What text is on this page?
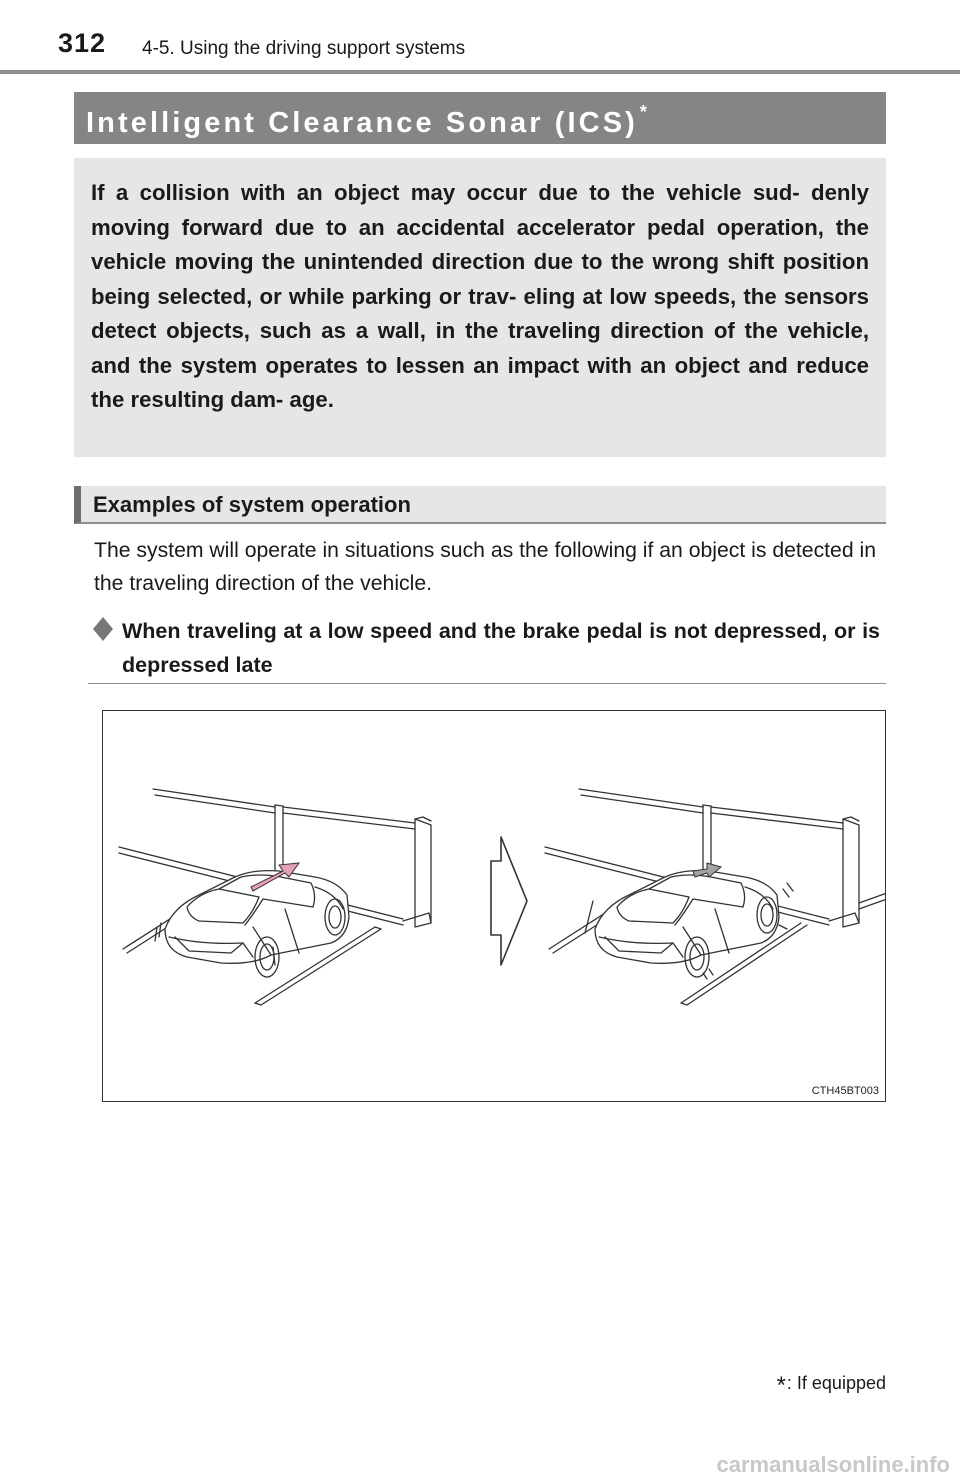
312 4-5. Using the driving support systems
Intelligent Clearance Sonar (ICS) *

If a collision with an object may occur due to the vehicle sud- denly moving forward due to an accidental accelerator pedal operation, the vehicle moving the unintended direction due to the wrong shift position being selected, or while parking or trav- eling at low speeds, the sensors detect objects, such as a wall, in the traveling direction of the vehicle, and the system operates to lessen an impact with an object and reduce the resulting dam- age.

Examples of system operation

The system will operate in situations such as the following if an object is detected in the traveling direction of the vehicle.

When traveling at a low speed and the brake pedal is not depressed, or is depressed late

CTH45BT003
*: If equipped
carmanualsonline.info
